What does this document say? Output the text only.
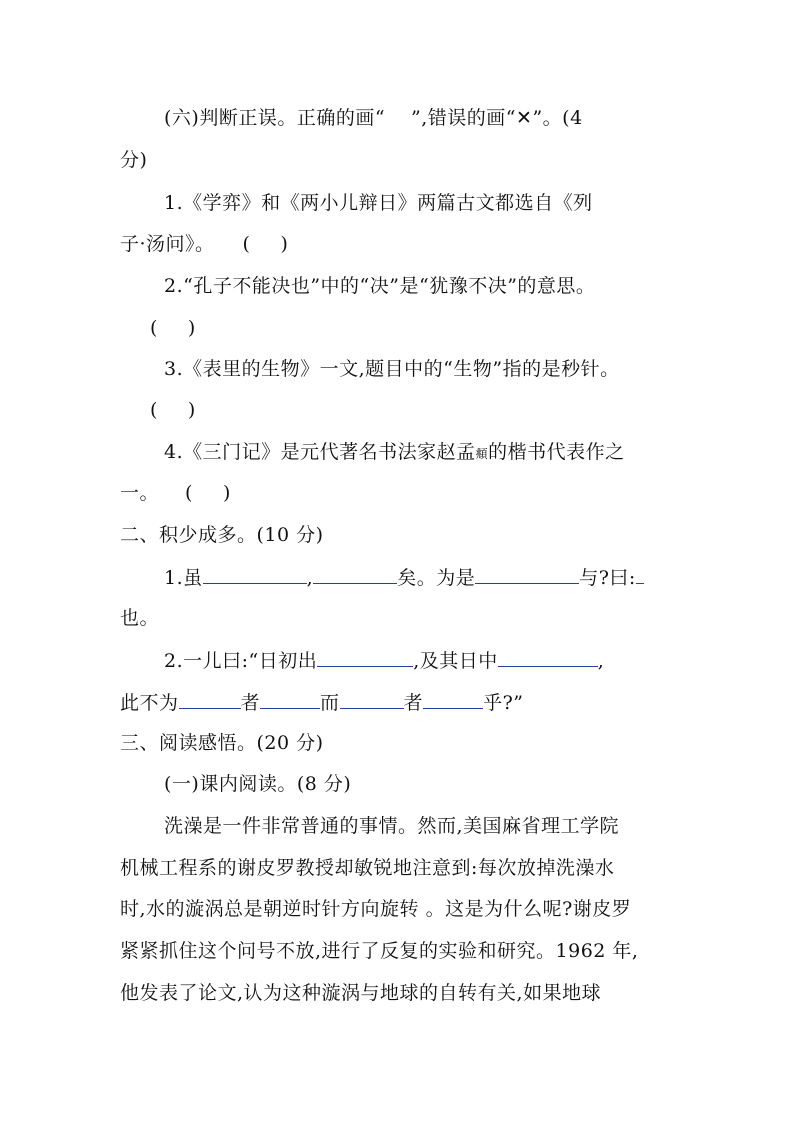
(六)判断正误。正确的画“ ”,错误的画“✕”。(4
分)
1.《学弈》和《两小儿辩日》两篇古文都选自《列
子·汤问》。 ( )
2.“孔子不能决也”中的“决”是“犹豫不决”的意思。
( )
3.《表里的生物》一文,题目中的“生物”指的是秒针。
( )
4.《三门记》是元代著名书法家赵孟頫的楷书代表作之
一。 ( )
二、积少成多。(10 分)
1.虽	,	矣。为是	与?曰:
也。
2.一儿曰:“日初出	,及其日中	,
此不为	者	而	者	乎?”
三、阅读感悟。(20 分)
(一)课内阅读。(8 分)
洗澡是一件非常普通的事情。然而,美国麻省理工学院
机械工程系的谢皮罗教授却敏锐地注意到:每次放掉洗澡水
时,水的漩涡总是朝逆时针方向旋转 。这是为什么呢?谢皮罗
紧紧抓住这个问号不放,进行了反复的实验和研究。1962 年,
他发表了论文,认为这种漩涡与地球的自转有关,如果地球
